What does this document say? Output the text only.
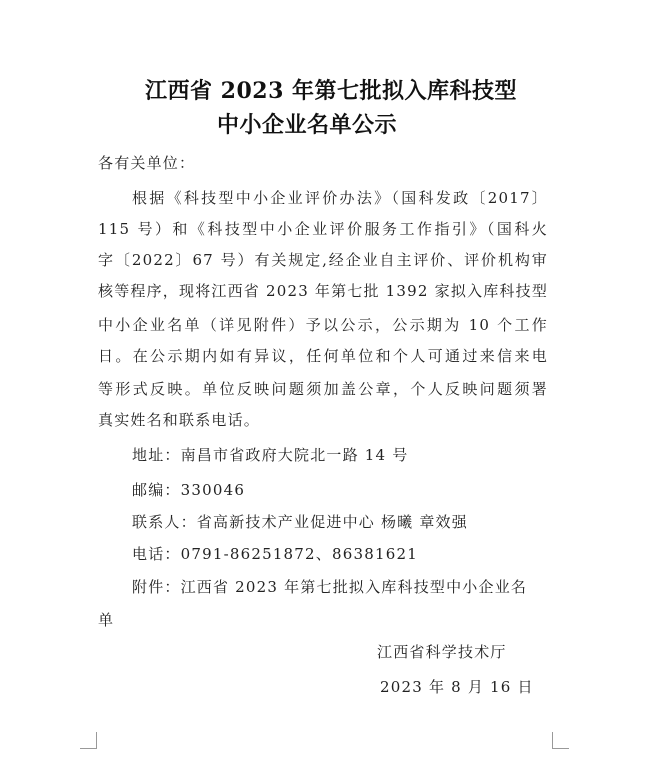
江西省 2023 年第七批拟入库科技型
中小企业名单公示
各有关单位：
根据《科技型中小企业评价办法》（国科发政〔2017〕
115 号）和《科技型中小企业评价服务工作指引》（国科火
字〔2022〕67 号）有关规定,经企业自主评价、评价机构审
核等程序，现将江西省 2023 年第七批 1392 家拟入库科技型
中小企业名单（详见附件）予以公示，公示期为 10 个工作
日。在公示期内如有异议，任何单位和个人可通过来信来电
等形式反映。单位反映问题须加盖公章，个人反映问题须署
真实姓名和联系电话。
地址：南昌市省政府大院北一路 14 号
邮编：330046
联系人：省高新技术产业促进中心 杨曦 章效强
电话：0791-86251872、86381621
附件：江西省 2023 年第七批拟入库科技型中小企业名
单
江西省科学技术厅
2023 年 8 月 16 日
